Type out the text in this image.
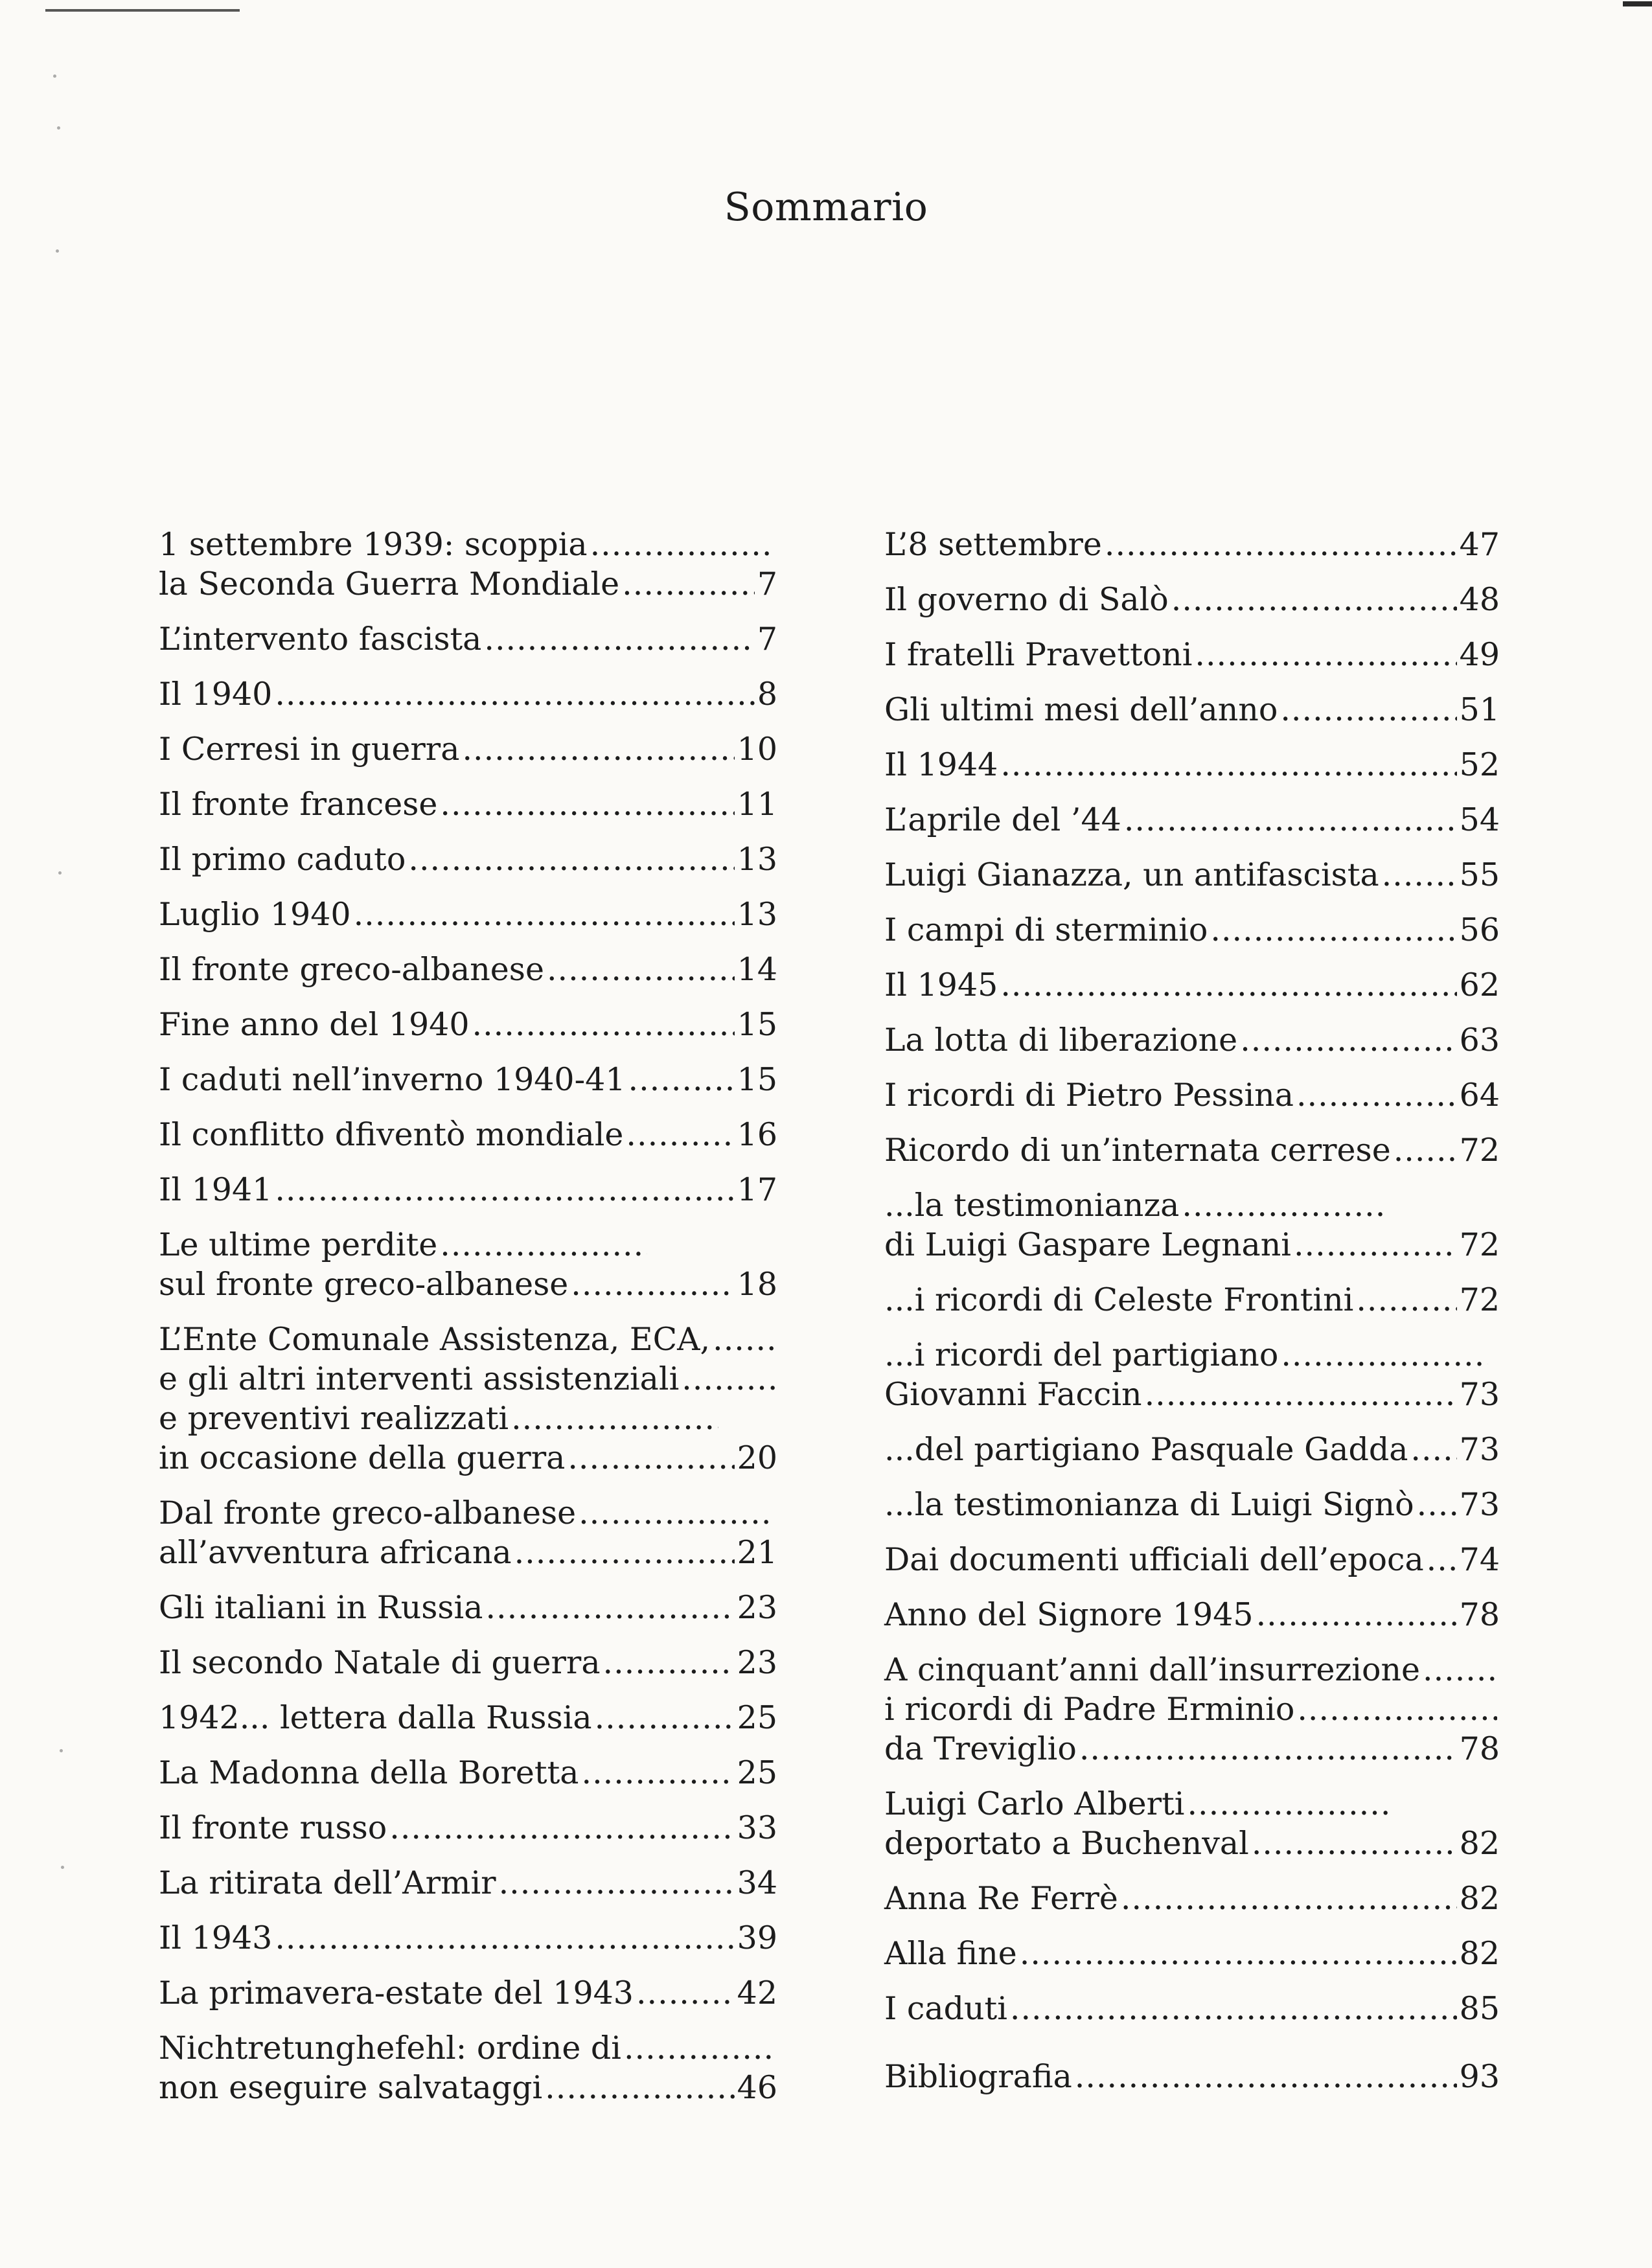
Sommario
1 settembre 1939: scoppia
.....
la Seconda Guerra Mondiale .....	7
L’intervento fascista .....	7
Il 1940 .....	8
I Cerresi in guerra .....	10
Il fronte francese .....	11
Il primo caduto .....	13
Luglio 1940 .....	13
Il fronte greco-albanese .....	14
Fine anno del 1940 .....	15
I caduti nell’inverno 1940-41 .....	15
Il conflitto dfiventò mondiale .....	16
Il 1941 .....	17
Le ultime perdite
.....
sul fronte greco-albanese .....	18
L’Ente Comunale Assistenza, ECA,
.....
e gli altri interventi assistenziali
.....
e preventivi realizzati
.....
in occasione della guerra .....	20
Dal fronte greco-albanese
.....
all’avventura africana .....	21
Gli italiani in Russia .....	23
Il secondo Natale di guerra .....	23
1942... lettera dalla Russia .....	25
La Madonna della Boretta .....	25
Il fronte russo .....	33
La ritirata dell’Armir .....	34
Il 1943 .....	39
La primavera-estate del 1943 .....	42
Nichtretunghefehl: ordine di
.....
non eseguire salvataggi .....	46
L’8 settembre .....	47
Il governo di Salò .....	48
I fratelli Pravettoni .....	49
Gli ultimi mesi dell’anno .....	51
Il 1944 .....	52
L’aprile del ’44 .....	54
Luigi Gianazza, un antifascista .....	55
I campi di sterminio .....	56
Il 1945 .....	62
La lotta di liberazione .....	63
I ricordi di Pietro Pessina .....	64
Ricordo di un’internata cerrese ..... 72
...la testimonianza
.....
di Luigi Gaspare Legnani .....	72
...i ricordi di Celeste Frontini .....	72
...i ricordi del partigiano
.....
Giovanni Faccin .....	73
...del partigiano Pasquale Gadda ..... 73
...la testimonianza di Luigi Signò ..... 73
Dai documenti ufficiali dell’epoca ..... 74
Anno del Signore 1945 .....	78
A cinquant’anni dall’insurrezione
.....
i ricordi di Padre Erminio
.....
da Treviglio .....	78
Luigi Carlo Alberti
.....
deportato a Buchenval .....	82
Anna Re Ferrè .....	82
Alla fine .....	82
I caduti .....	85
Bibliografia .....	93
